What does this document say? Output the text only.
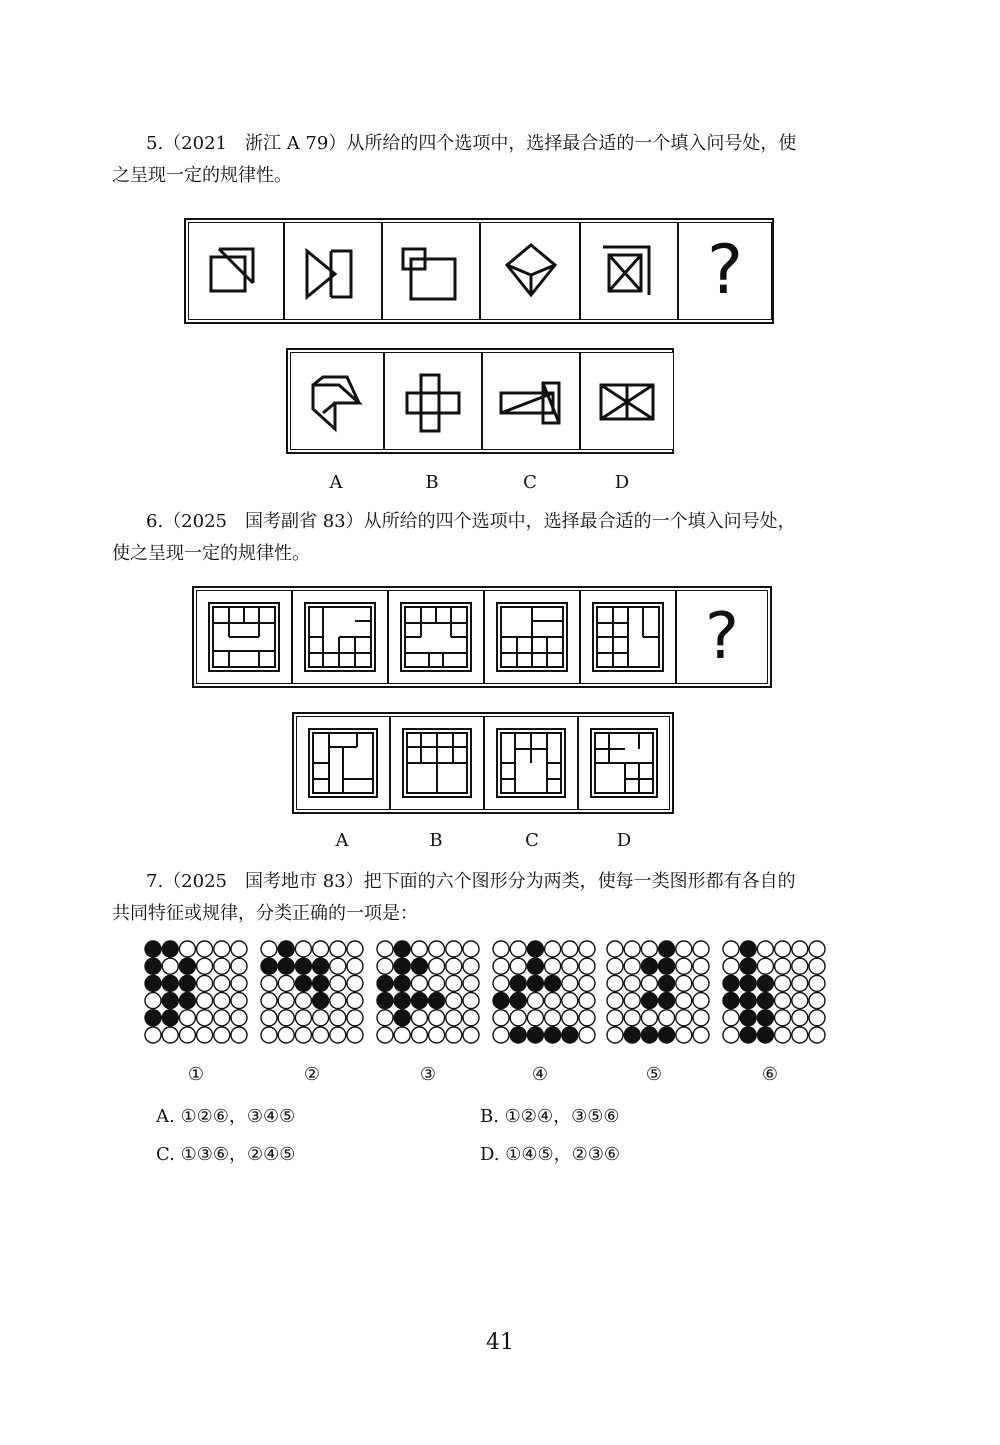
5.（2021　浙江 A 79）从所给的四个选项中，选择最合适的一个填入问号处，使
之呈现一定的规律性。
?
A	B	C	D
6.（2025　国考副省 83）从所给的四个选项中，选择最合适的一个填入问号处，
使之呈现一定的规律性。
?
A	B	C	D
7.（2025　国考地市 83）把下面的六个图形分为两类，使每一类图形都有各自的
共同特征或规律，分类正确的一项是：
①	②	③	④	⑤	⑥
A. ①②⑥，③④⑤	B. ①②④，③⑤⑥
C. ①③⑥，②④⑤	D. ①④⑤，②③⑥
41
